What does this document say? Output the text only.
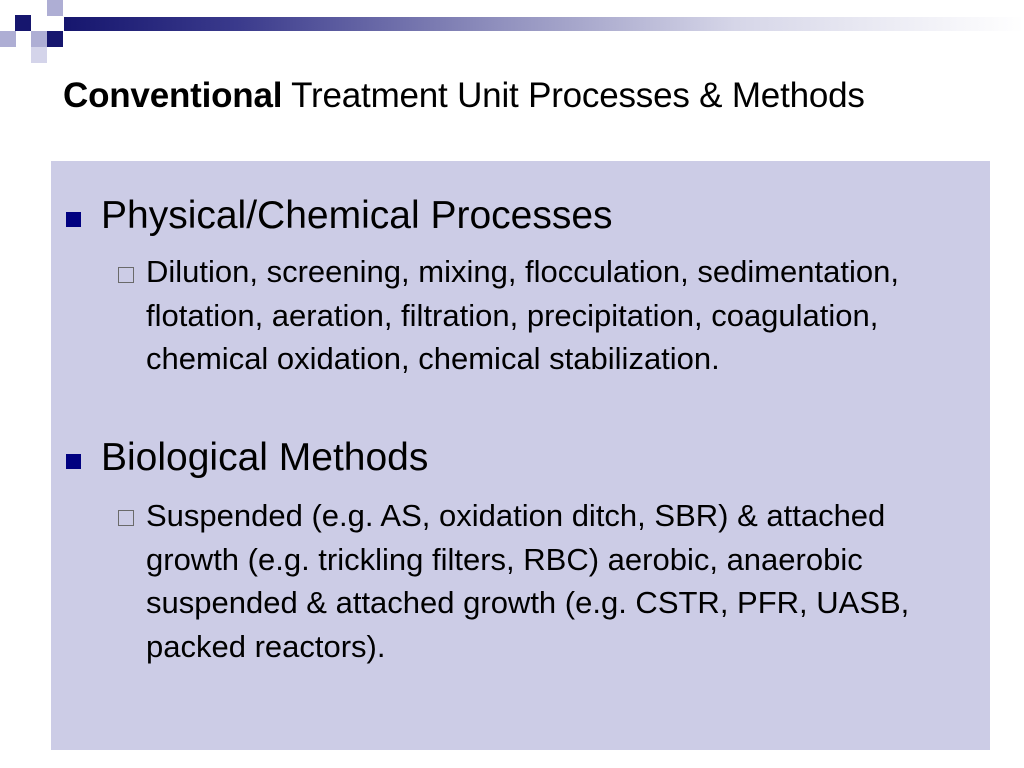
Conventional Treatment Unit Processes & Methods
Physical/Chemical Processes
Dilution, screening, mixing, flocculation, sedimentation, flotation, aeration, filtration, precipitation, coagulation, chemical oxidation, chemical stabilization.
Biological Methods
Suspended (e.g. AS, oxidation ditch, SBR) & attached growth (e.g. trickling filters, RBC) aerobic, anaerobic suspended & attached growth (e.g. CSTR, PFR, UASB, packed reactors).
